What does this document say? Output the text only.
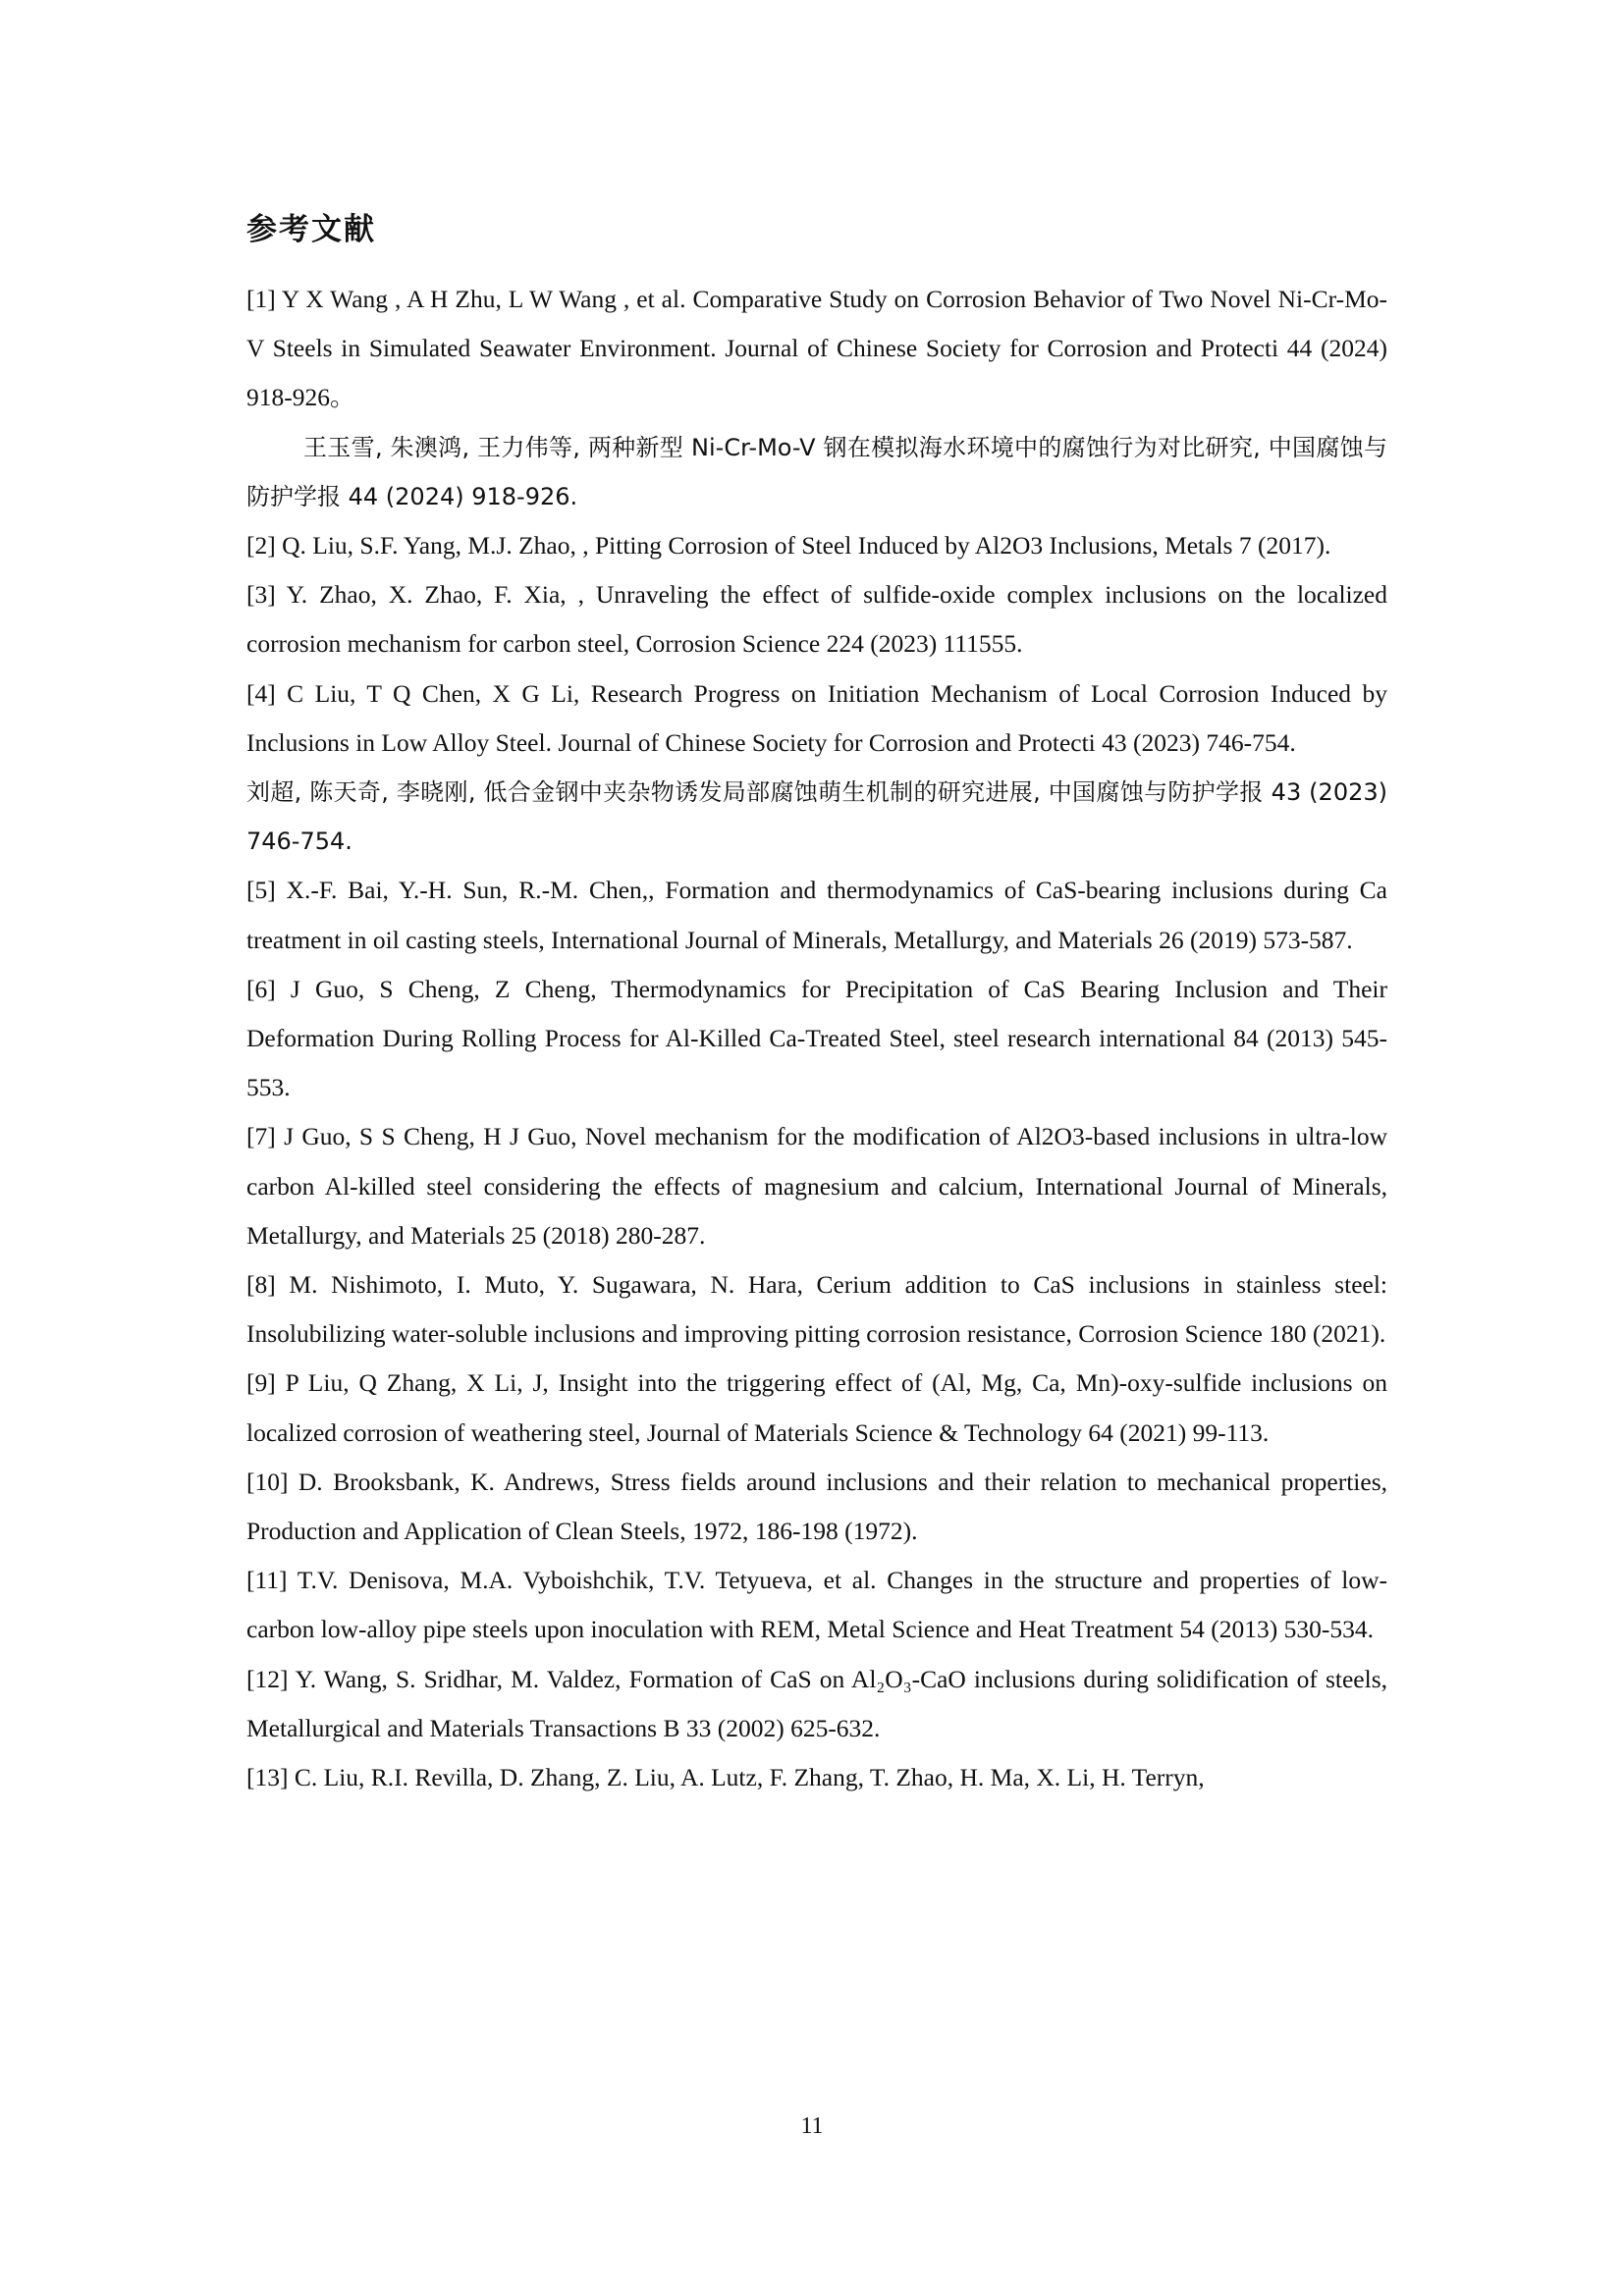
参考文献

[1] Y X Wang , A H Zhu, L W Wang , et al. Comparative Study on Corrosion Behavior of Two Novel Ni-Cr-Mo-V Steels in Simulated Seawater Environment. Journal of Chinese Society for Corrosion and Protecti 44 (2024) 918-926。

王玉雪, 朱澳鸿, 王力伟等, 两种新型 Ni-Cr-Mo-V 钢在模拟海水环境中的腐蚀行为对比研究, 中国腐蚀与防护学报 44 (2024) 918-926.

[2] Q. Liu, S.F. Yang, M.J. Zhao, , Pitting Corrosion of Steel Induced by Al2O3 Inclusions, Metals 7 (2017).

[3] Y. Zhao, X. Zhao, F. Xia, , Unraveling the effect of sulfide-oxide complex inclusions on the localized corrosion mechanism for carbon steel, Corrosion Science 224 (2023) 111555.

[4] C Liu, T Q Chen, X G Li, Research Progress on Initiation Mechanism of Local Corrosion Induced by Inclusions in Low Alloy Steel. Journal of Chinese Society for Corrosion and Protecti 43 (2023) 746-754.

刘超, 陈天奇, 李晓刚, 低合金钢中夹杂物诱发局部腐蚀萌生机制的研究进展, 中国腐蚀与防护学报 43 (2023) 746-754.

[5] X.-F. Bai, Y.-H. Sun, R.-M. Chen,, Formation and thermodynamics of CaS-bearing inclusions during Ca treatment in oil casting steels, International Journal of Minerals, Metallurgy, and Materials 26 (2019) 573-587.

[6] J Guo, S Cheng, Z Cheng, Thermodynamics for Precipitation of CaS Bearing Inclusion and Their Deformation During Rolling Process for Al-Killed Ca-Treated Steel, steel research international 84 (2013) 545-553.

[7] J Guo, S S Cheng, H J Guo, Novel mechanism for the modification of Al2O3-based inclusions in ultra-low carbon Al-killed steel considering the effects of magnesium and calcium, International Journal of Minerals, Metallurgy, and Materials 25 (2018) 280-287.

[8] M. Nishimoto, I. Muto, Y. Sugawara, N. Hara, Cerium addition to CaS inclusions in stainless steel: Insolubilizing water-soluble inclusions and improving pitting corrosion resistance, Corrosion Science 180 (2021).

[9] P Liu, Q Zhang, X Li, J, Insight into the triggering effect of (Al, Mg, Ca, Mn)-oxy-sulfide inclusions on localized corrosion of weathering steel, Journal of Materials Science & Technology 64 (2021) 99-113.

[10] D. Brooksbank, K. Andrews, Stress fields around inclusions and their relation to mechanical properties, Production and Application of Clean Steels, 1972, 186-198 (1972).

[11] T.V. Denisova, M.A. Vyboishchik, T.V. Tetyueva, et al. Changes in the structure and properties of low-carbon low-alloy pipe steels upon inoculation with REM, Metal Science and Heat Treatment 54 (2013) 530-534.

[12] Y. Wang, S. Sridhar, M. Valdez, Formation of CaS on Al₂O₃-CaO inclusions during solidification of steels, Metallurgical and Materials Transactions B 33 (2002) 625-632.

[13] C. Liu, R.I. Revilla, D. Zhang, Z. Liu, A. Lutz, F. Zhang, T. Zhao, H. Ma, X. Li, H. Terryn,

11
